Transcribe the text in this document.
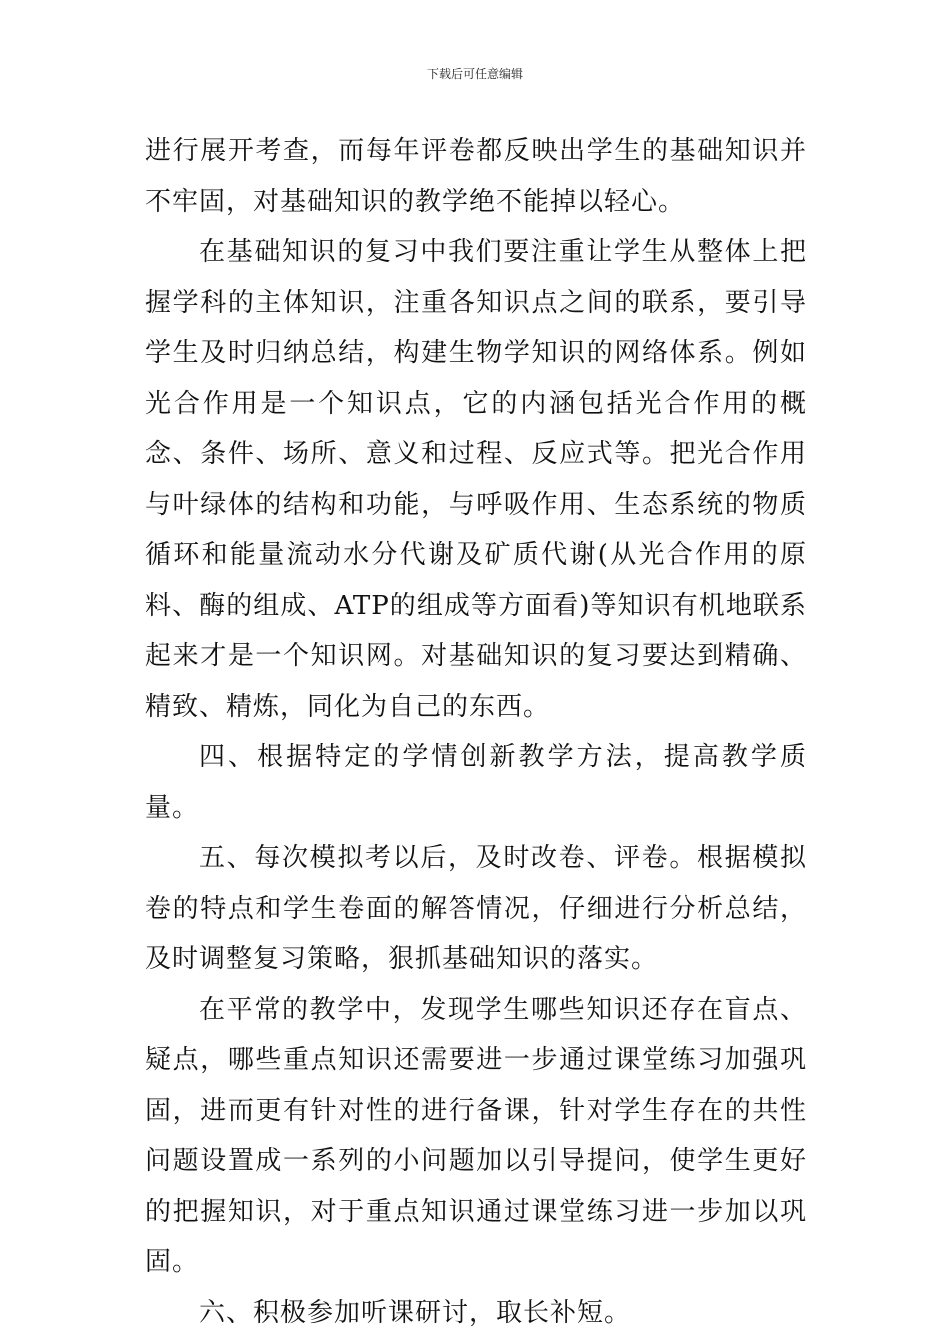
下载后可任意编辑

进行展开考查，而每年评卷都反映出学生的基础知识并不牢固，对基础知识的教学绝不能掉以轻心。

在基础知识的复习中我们要注重让学生从整体上把握学科的主体知识，注重各知识点之间的联系，要引导学生及时归纳总结，构建生物学知识的网络体系。例如光合作用是一个知识点，它的内涵包括光合作用的概念、条件、场所、意义和过程、反应式等。把光合作用与叶绿体的结构和功能，与呼吸作用、生态系统的物质循环和能量流动水分代谢及矿质代谢(从光合作用的原料、酶的组成、ATP的组成等方面看)等知识有机地联系起来才是一个知识网。对基础知识的复习要达到精确、精致、精炼，同化为自己的东西。

四、根据特定的学情创新教学方法，提高教学质量。

五、每次模拟考以后，及时改卷、评卷。根据模拟卷的特点和学生卷面的解答情况，仔细进行分析总结，及时调整复习策略，狠抓基础知识的落实。

在平常的教学中，发现学生哪些知识还存在盲点、疑点，哪些重点知识还需要进一步通过课堂练习加强巩固，进而更有针对性的进行备课，针对学生存在的共性问题设置成一系列的小问题加以引导提问，使学生更好的把握知识，对于重点知识通过课堂练习进一步加以巩固。

六、积极参加听课研讨，取长补短。
